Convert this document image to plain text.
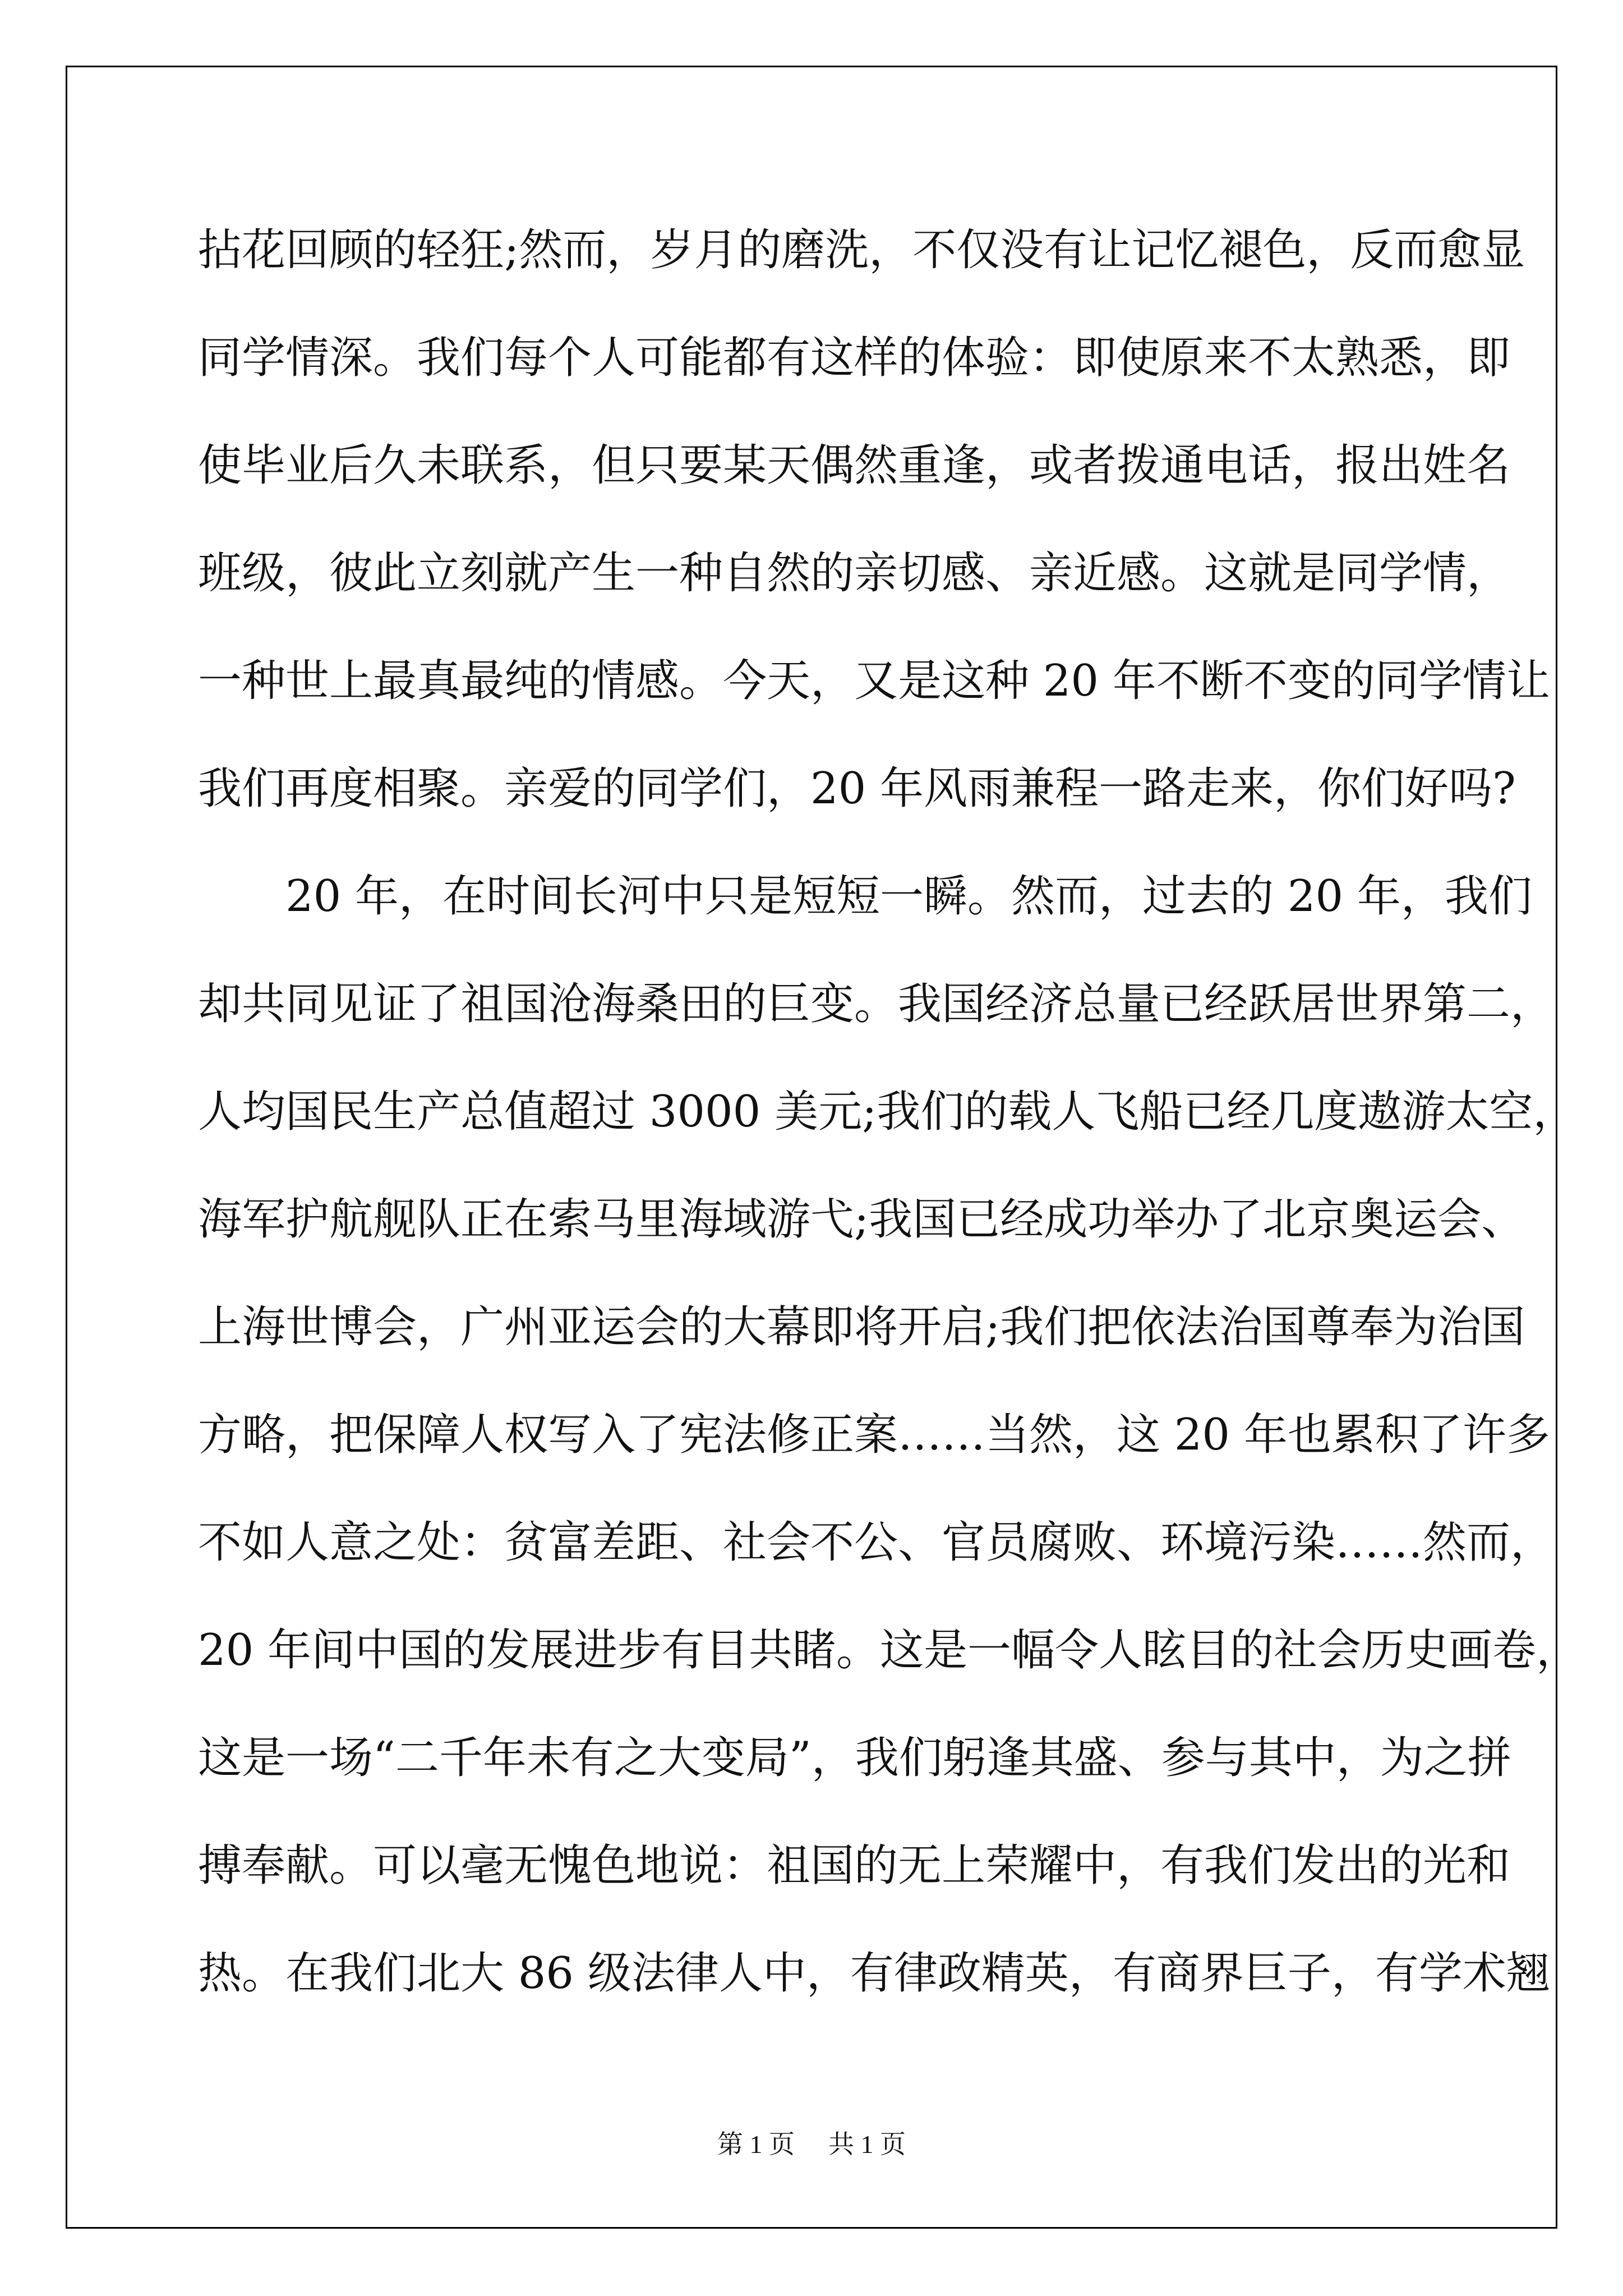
拈花回顾的轻狂;然而，岁月的磨洗，不仅没有让记忆褪色，反而愈显
同学情深。我们每个人可能都有这样的体验：即使原来不太熟悉，即
使毕业后久未联系，但只要某天偶然重逢，或者拨通电话，报出姓名
班级，彼此立刻就产生一种自然的亲切感、亲近感。这就是同学情，
一种世上最真最纯的情感。今天，又是这种 20 年不断不变的同学情让
我们再度相聚。亲爱的同学们，20 年风雨兼程一路走来，你们好吗?
20 年，在时间长河中只是短短一瞬。然而，过去的 20 年，我们
却共同见证了祖国沧海桑田的巨变。我国经济总量已经跃居世界第二，
人均国民生产总值超过 3000 美元;我们的载人飞船已经几度遨游太空，
海军护航舰队正在索马里海域游弋;我国已经成功举办了北京奥运会、
上海世博会，广州亚运会的大幕即将开启;我们把依法治国尊奉为治国
方略，把保障人权写入了宪法修正案……当然，这 20 年也累积了许多
不如人意之处：贫富差距、社会不公、官员腐败、环境污染……然而，
20 年间中国的发展进步有目共睹。这是一幅令人眩目的社会历史画卷，
这是一场“二千年未有之大变局”，我们躬逢其盛、参与其中，为之拼
搏奉献。可以毫无愧色地说：祖国的无上荣耀中，有我们发出的光和
热。在我们北大 86 级法律人中，有律政精英，有商界巨子，有学术翘
第 1 页 共 1 页
